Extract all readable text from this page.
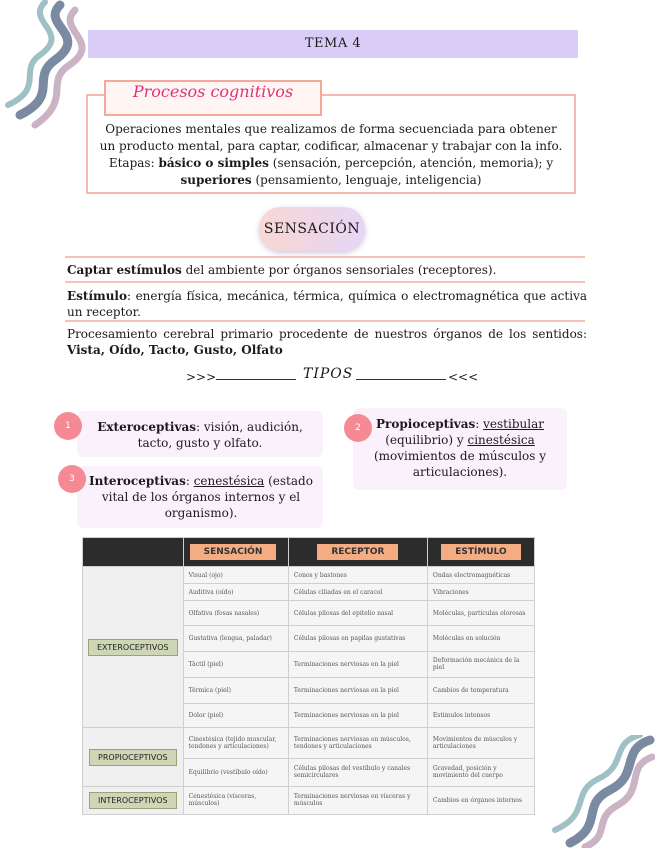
TEMA 4
Procesos cognitivos
Operaciones mentales que realizamos de forma secuenciada para obtener un producto mental, para captar, codificar, almacenar y trabajar con la info.
Etapas: básico o simples (sensación, percepción, atención, memoria); y superiores (pensamiento, lenguaje, inteligencia)
SENSACIÓN
Captar estímulos del ambiente por órganos sensoriales (receptores).
Estímulo: energía física, mecánica, térmica, química o electromagnética que activa un receptor.
Procesamiento cerebral primario procedente de nuestros órganos de los sentidos: Vista, Oído, Tacto, Gusto, Olfato
>>>	TIPOS	<<<
Exteroceptivas: visión, audición, tacto, gusto y olfato.
1	Propioceptivas: vestibular (equilibrio) y cinestésica (movimientos de músculos y articulaciones).
2
Interoceptivas: cenestésica (estado vital de los órganos internos y el organismo).
3
	SENSACIÓN	RECEPTOR	ESTÍMULO
EXTEROCEPTIVOS	Visual (ojo)	Conos y bastones	Ondas electromagnéticas
	Auditiva (oído)	Células ciliadas en el caracol	Vibraciones
	Olfativa (fosas nasales)	Células pilosas del epitelio nasal	Moléculas, partículas olorosas
	Gustativa (lengua, paladar)	Células pilosas en papilas gustativas	Moléculas en solución
	Táctil (piel)	Terminaciones nerviosas en la piel	Deformación mecánica de la piel
	Térmica (piel)	Terminaciones nerviosas en la piel	Cambios de temperatura
	Dolor (piel)	Terminaciones nerviosas en la piel	Estímulos intensos
PROPIOCEPTIVOS	Cinestésica (tejido muscular, tendones y articulaciones)	Terminaciones nerviosas en músculos, tendones y articulaciones	Movimientos de músculos y articulaciones
	Equilibrio (vestíbulo oído)	Células pilosas del vestíbulo y canales semicirculares	Gravedad, posición y movimiento del cuerpo
INTEROCEPTIVOS	Cenestésica (vísceras, músculos)	Terminaciones nerviosas en vísceras y músculos	Cambios en órganos internos
